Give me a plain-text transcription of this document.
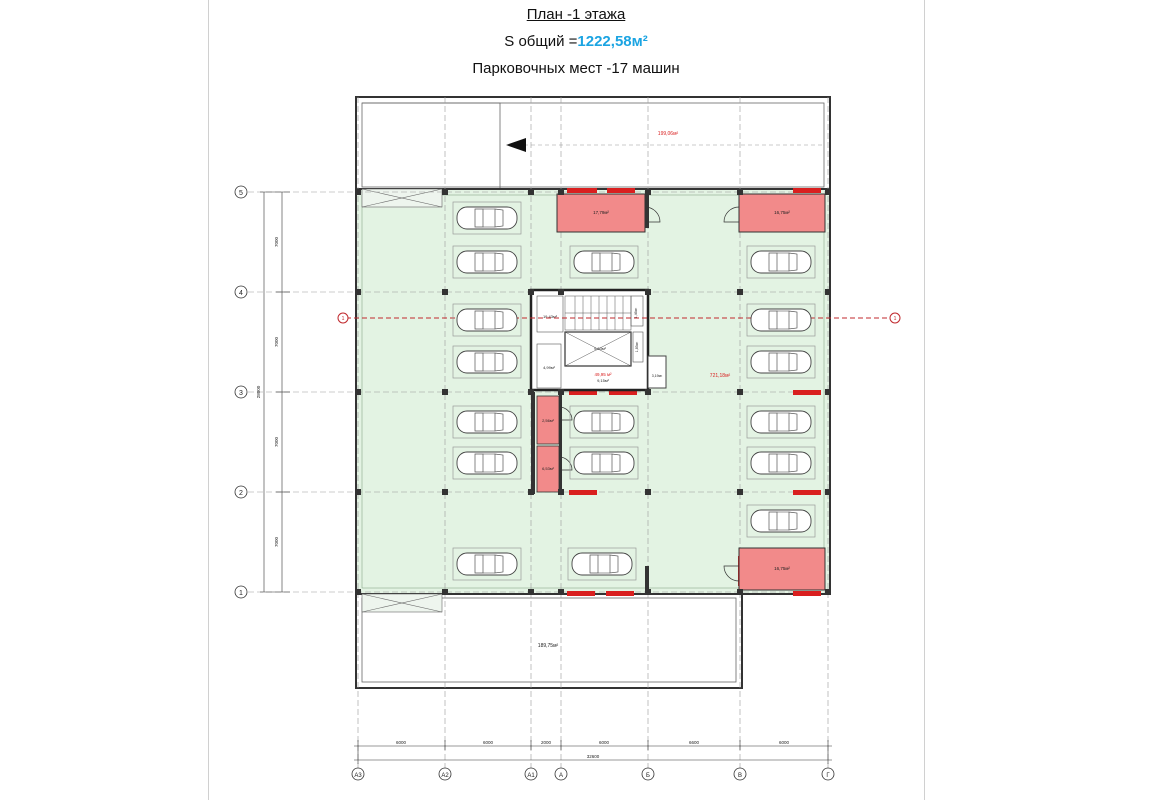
План -1 этажа
S общий =1222,58м²
Парковочных мест -17 машин
199,06м²
189,75м²
721,18м²
17,79м²	16,75м²
16,75м²
2,56м²
6,53м²
19,43м²	1,46м²
9,83м²	1,83м²
4,99м²
49,95 м²
9,15м²
3,19м²
1	1
7000
7000
7000
7000
28000
5
4
3
2
1
6000	6000	2000	6000	6600	6000
32600
А3	А2	А1	А	Б	В	Г
